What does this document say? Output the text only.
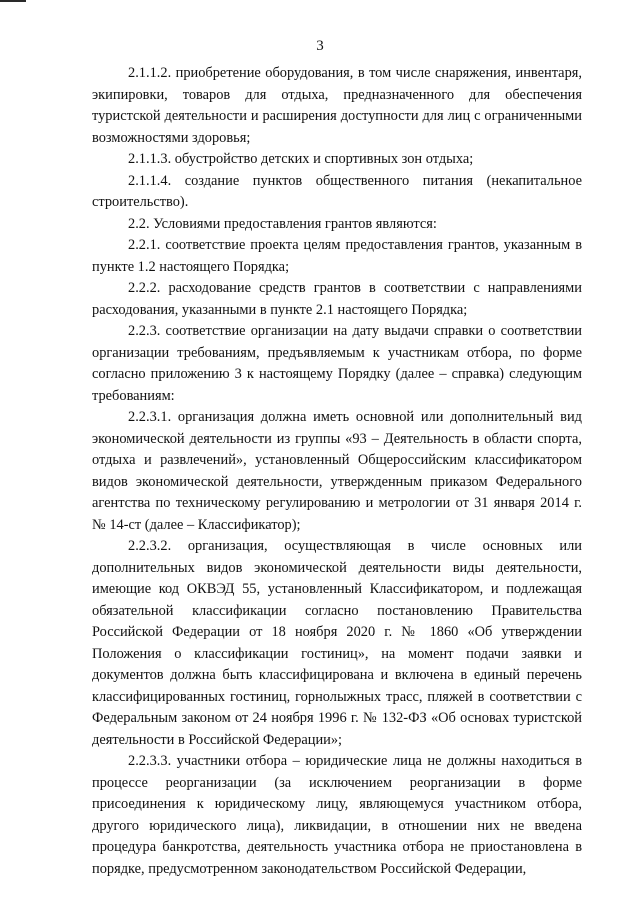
3

2.1.1.2. приобретение оборудования, в том числе снаряжения, инвентаря, экипировки, товаров для отдыха, предназначенного для обеспечения туристской деятельности и расширения доступности для лиц с ограниченными возможностями здоровья;

2.1.1.3. обустройство детских и спортивных зон отдыха;

2.1.1.4. создание пунктов общественного питания (некапитальное строительство).

2.2. Условиями предоставления грантов являются:

2.2.1. соответствие проекта целям предоставления грантов, указанным в пункте 1.2 настоящего Порядка;

2.2.2. расходование средств грантов в соответствии с направлениями расходования, указанными в пункте 2.1 настоящего Порядка;

2.2.3. соответствие организации на дату выдачи справки о соответствии организации требованиям, предъявляемым к участникам отбора, по форме согласно приложению 3 к настоящему Порядку (далее – справка) следующим требованиям:

2.2.3.1. организация должна иметь основной или дополнительный вид экономической деятельности из группы «93 – Деятельность в области спорта, отдыха и развлечений», установленный Общероссийским классификатором видов экономической деятельности, утвержденным приказом Федерального агентства по техническому регулированию и метрологии от 31 января 2014 г. № 14-ст (далее – Классификатор);

2.2.3.2. организация, осуществляющая в числе основных или дополнительных видов экономической деятельности виды деятельности, имеющие код ОКВЭД 55, установленный Классификатором, и подлежащая обязательной классификации согласно постановлению Правительства Российской Федерации от 18 ноября 2020 г. № 1860 «Об утверждении Положения о классификации гостиниц», на момент подачи заявки и документов должна быть классифицирована и включена в единый перечень классифицированных гостиниц, горнолыжных трасс, пляжей в соответствии с Федеральным законом от 24 ноября 1996 г. № 132-ФЗ «Об основах туристской деятельности в Российской Федерации»;

2.2.3.3. участники отбора – юридические лица не должны находиться в процессе реорганизации (за исключением реорганизации в форме присоединения к юридическому лицу, являющемуся участником отбора, другого юридического лица), ликвидации, в отношении них не введена процедура банкротства, деятельность участника отбора не приостановлена в порядке, предусмотренном законодательством Российской Федерации,
